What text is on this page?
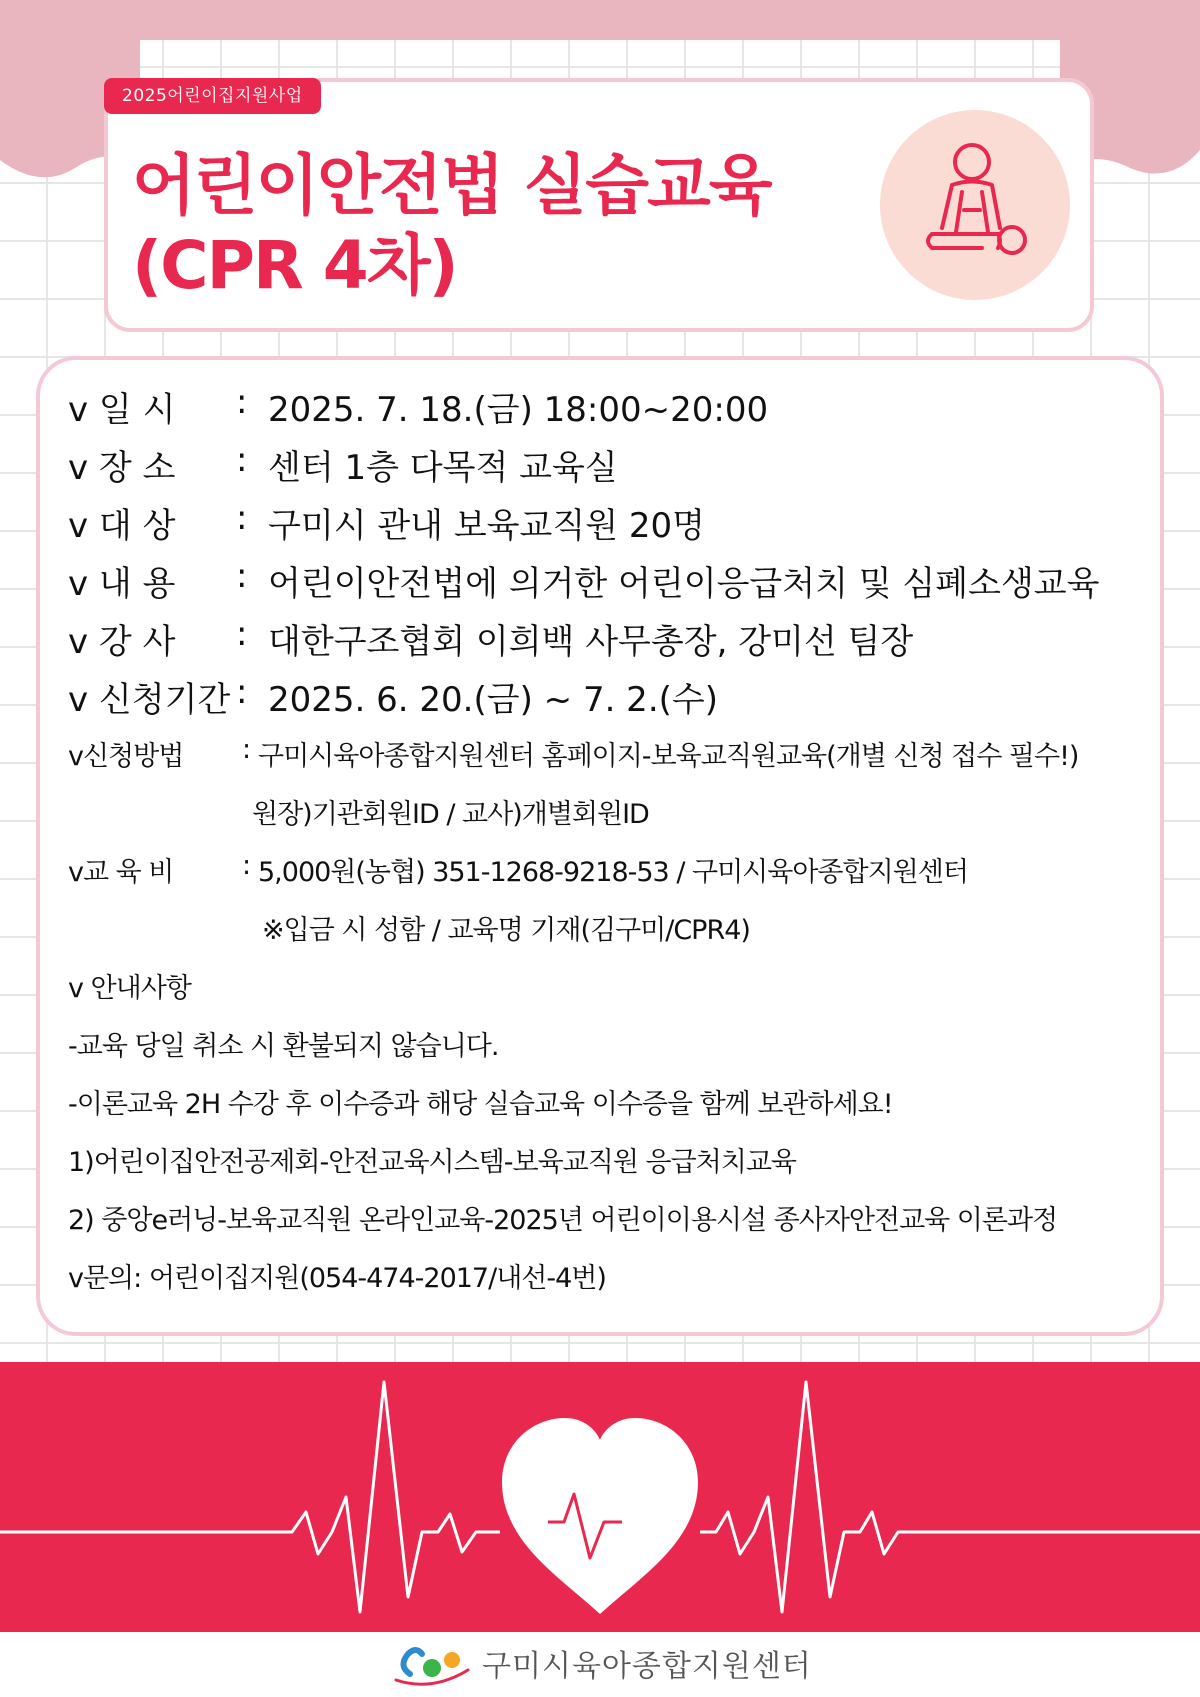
2025어린이집지원사업
어린이안전법 실습교육
(CPR 4차)
v 일 시 : 2025. 7. 18.(금) 18:00~20:00
v 장 소 : 센터 1층 다목적 교육실
v 대 상 : 구미시 관내 보육교직원 20명
v 내 용 : 어린이안전법에 의거한 어린이응급처치 및 심폐소생교육
v 강 사 : 대한구조협회 이희백 사무총장, 강미선 팀장
v 신청기간 : 2025. 6. 20.(금) ~ 7. 2.(수)
v신청방법 : 구미시육아종합지원센터 홈페이지-보육교직원교육(개별 신청 접수 필수!)
원장)기관회원ID / 교사)개별회원ID
v교 육 비	: 5,000원(농협) 351-1268-9218-53 / 구미시육아종합지원센터
※입금 시 성함 / 교육명 기재(김구미/CPR4)
v 안내사항
-교육 당일 취소 시 환불되지 않습니다.
-이론교육 2H 수강 후 이수증과 해당 실습교육 이수증을 함께 보관하세요!
1)어린이집안전공제회-안전교육시스템-보육교직원 응급처치교육
2) 중앙e러닝-보육교직원 온라인교육-2025년 어린이이용시설 종사자안전교육 이론과정
v문의: 어린이집지원(054-474-2017/내선-4번)
구미시육아종합지원센터
